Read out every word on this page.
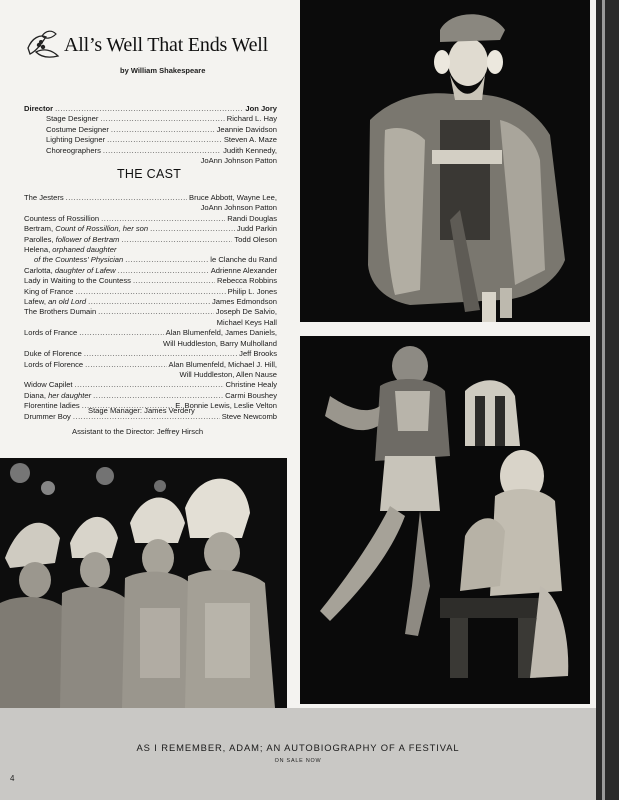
All’s Well That Ends Well
by William Shakespeare
Director .....	Jon Jory
Stage Designer .....	Richard L. Hay
Costume Designer .....	Jeannie Davidson
Lighting Designer .....	Steven A. Maze
Choreographers .....	Judith Kennedy,
JoAnn Johnson Patton
THE CAST
The Jesters .....	Bruce Abbott, Wayne Lee,
JoAnn Johnson Patton
Countess of Rossillion .....	Randi Douglas
Bertram, Count of Rossillion, her son .....	Judd Parkin
Parolles, follower of Bertram .....	Todd Oleson
Helena, orphaned daughter
of the Countess' Physician .....	le Clanche du Rand
Carlotta, daughter of Lafew .....	Adrienne Alexander
Lady in Waiting to the Countess .....	Rebecca Robbins
King of France .....	Philip L. Jones
Lafew, an old Lord .....	James Edmondson
The Brothers Dumain .....	Joseph De Salvio,
Michael Keys Hall
Lords of France .....	Alan Blumenfeld, James Daniels,
Will Huddleston, Barry Mulholland
Duke of Florence .....	Jeff Brooks
Lords of Florence .....	Alan Blumenfeld, Michael J. Hill,
Will Huddleston, Allen Nause
Widow Capilet .....	Christine Healy
Diana, her daughter .....	Carmi Boushey
Florentine ladies .....	E. Bonnie Lewis, Leslie Velton
Drummer Boy .....	Steve Newcomb
Stage Manager: James Verdery
Assistant to the Director: Jeffrey Hirsch
AS I REMEMBER, ADAM; AN AUTOBIOGRAPHY OF A FESTIVAL
ON SALE NOW
4
